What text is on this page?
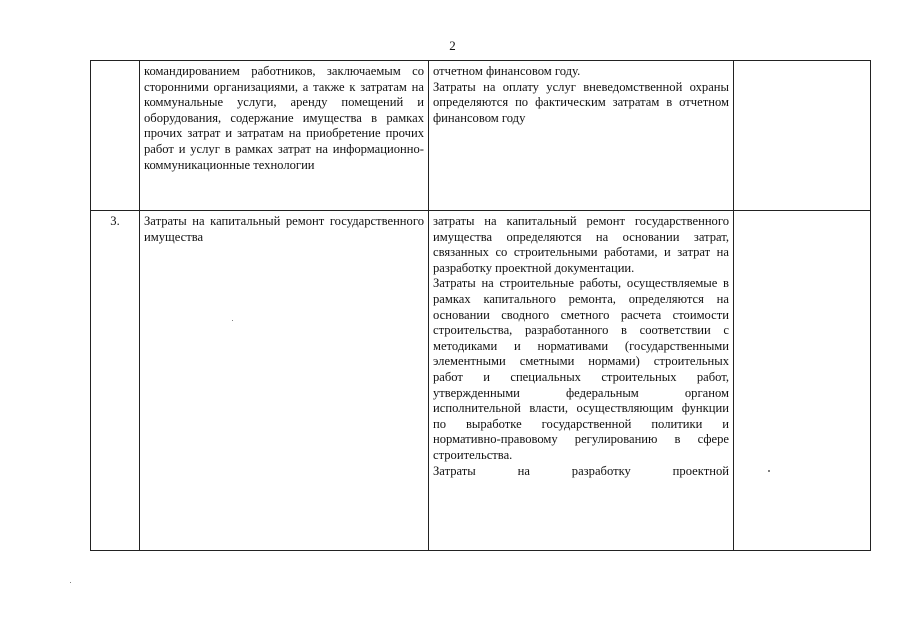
2
	командированием работников, заключаемым со сторонними организациями, а также к затратам на коммунальные услуги, аренду помещений и оборудования, содержание имущества в рамках прочих затрат и затратам на приобретение прочих работ и услуг в рамках затрат на информационно-коммуникационные технологии	отчетном финансовом году.
Затраты на оплату услуг вневедомственной охраны определяются по фактическим затратам в отчетном финансовом году	

3.	Затраты на капитальный ремонт государственного имущества	затраты на капитальный ремонт государственного имущества определяются на основании затрат, связанных со строительными работами, и затрат на разработку проектной документации.
Затраты на строительные работы, осуществляемые в рамках капитального ремонта, определяются на основании сводного сметного расчета стоимости строительства, разработанного в соответствии с методиками и нормативами (государственными элементными сметными нормами) строительных работ и специальных строительных работ, утвержденными федеральным органом исполнительной власти, осуществляющим функции по выработке государственной политики и нормативно-правовому регулированию в сфере строительства.
Затраты на разработку проектной	
